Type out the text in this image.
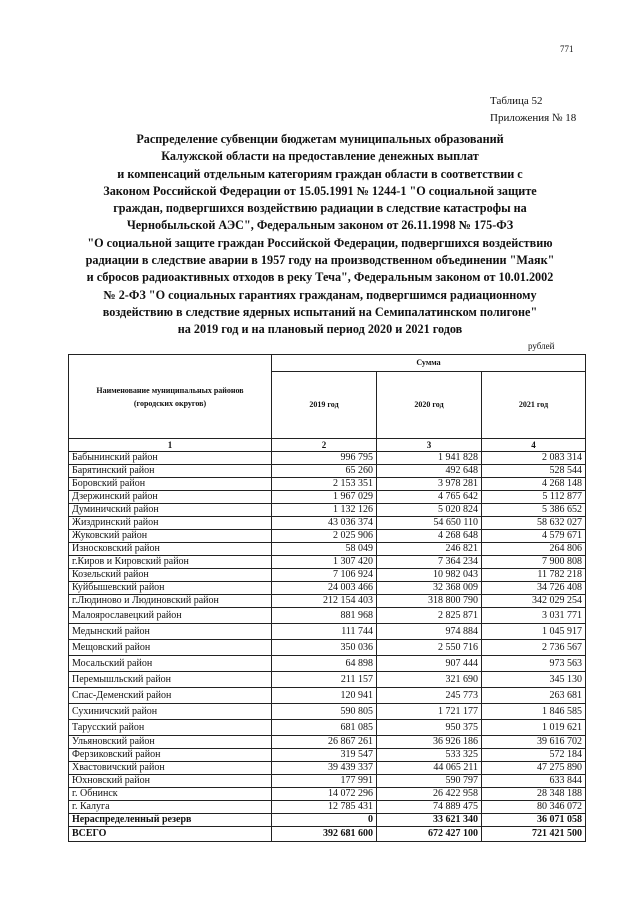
771
Таблица 52
Приложения № 18
Распределение субвенции бюджетам муниципальных образований
Калужской области на предоставление денежных выплат
и компенсаций отдельным категориям граждан области в соответствии с
Законом Российской Федерации от 15.05.1991 № 1244-1 "О социальной защите
граждан, подвергшихся воздействию радиации в следствие катастрофы на
Чернобыльской АЭС", Федеральным законом от 26.11.1998 № 175-ФЗ
"О социальной защите граждан Российской Федерации, подвергшихся воздействию
радиации в следствие аварии в 1957 году на производственном объединении "Маяк"
и сбросов радиоактивных отходов в реку Теча", Федеральным законом от 10.01.2002
№ 2-ФЗ "О социальных гарантиях гражданам, подвергшимся радиационному
воздействию в следствие ядерных испытаний на Семипалатинском полигоне"
на 2019 год и на плановый период 2020 и 2021 годов
рублей
Наименование муниципальных районов (городских округов)	Сумма		
	2019 год	2020 год	2021 год
1	2	3	4
Бабынинский район	996 795	1 941 828	2 083 314
Барятинский район	65 260	492 648	528 544
Боровский район	2 153 351	3 978 281	4 268 148
Дзержинский район	1 967 029	4 765 642	5 112 877
Думиничский район	1 132 126	5 020 824	5 386 652
Жиздринский район	43 036 374	54 650 110	58 632 027
Жуковский район	2 025 906	4 268 648	4 579 671
Износковский район	58 049	246 821	264 806
г.Киров и Кировский район	1 307 420	7 364 234	7 900 808
Козельский район	7 106 924	10 982 043	11 782 218
Куйбышевский район	24 003 466	32 368 009	34 726 408
г.Людиново и Людиновский район	212 154 403	318 800 790	342 029 254
Малоярославецкий район	881 968	2 825 871	3 031 771
Медынский район	111 744	974 884	1 045 917
Мещовский район	350 036	2 550 716	2 736 567
Мосальский район	64 898	907 444	973 563
Перемышльский район	211 157	321 690	345 130
Спас-Деменский район	120 941	245 773	263 681
Сухиничский район	590 805	1 721 177	1 846 585
Тарусский район	681 085	950 375	1 019 621
Ульяновский район	26 867 261	36 926 186	39 616 702
Ферзиковский район	319 547	533 325	572 184
Хвастовичский район	39 439 337	44 065 211	47 275 890
Юхновский район	177 991	590 797	633 844
г. Обнинск	14 072 296	26 422 958	28 348 188
г. Калуга	12 785 431	74 889 475	80 346 072
Нераспределенный резерв	0	33 621 340	36 071 058
ВСЕГО	392 681 600	672 427 100	721 421 500
